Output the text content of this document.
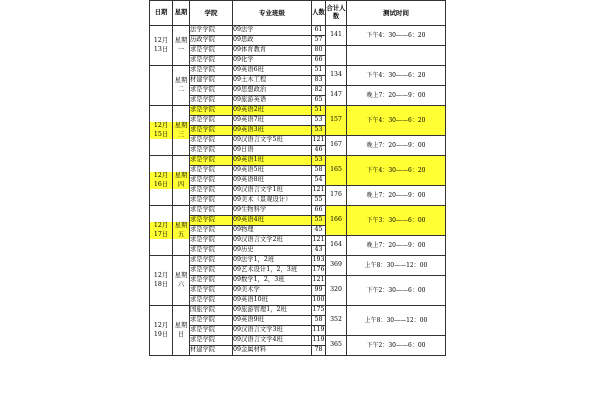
日期	星期	学院	专业班级	人数	合计人数	测试时间

12月13日	星期一	法学学院	09法学	61	141	下午4：30——6：20
		历政学院	09思政	57		
		求是学院	09体育教育	80		
		求是学院	09化学	66		

	星期二	求是学院	09英语6班	51	134	下午4：30——6：20
		材建学院	09土木工程	83		
		求是学院	09思想政治	82	147	晚上7：20——9：00
		求是学院	09旅游英语	65		

12月15日	星期三	求是学院	09英语2班	51	157	下午4：30——6：20
		求是学院	09英语7班	53		
		求是学院	09英语3班	53		
		求是学院	09汉语言文学5班	121	167	晚上7：20——9：00
		求是学院	09日语	46		

12月16日	星期四	求是学院	09英语1班	53	165	下午4：30——6：20
		求是学院	09英语5班	58		
		求是学院	09英语8班	54		
		求是学院	09汉语言文学1班	121	176	晚上7：20——9：00
		求是学院	09美术（景观设计）	55		

12月17日	星期五	求是学院	09生物科学	66	166	下午3：30——6：00
		求是学院	09英语4班	55		
		求是学院	09物理	45		
		求是学院	09汉语言文学2班	121	164	晚上7：20——9：00
		求是学院	09历史	43		

12月18日	星期六	求是学院	09法学1，2班	193	369	上午8：30——12：00
		求是学院	09艺术设计1，2，3班	176		
		求是学院	09数学1，2，3班	121	320	下午2：30——6：00
		求是学院	09美术学	99		
		求是学院	09英语10班	100		

12月19日	星期日	国旅学院	09旅游管理1，2班	175	352	上午8：30——12：00
		求是学院	09英语9班	58		
		求是学院	09汉语言文学3班	119		
		求是学院	09汉语言文学4班	119	365	下午2：30——6：00
		材建学院	09金属材料	78		
